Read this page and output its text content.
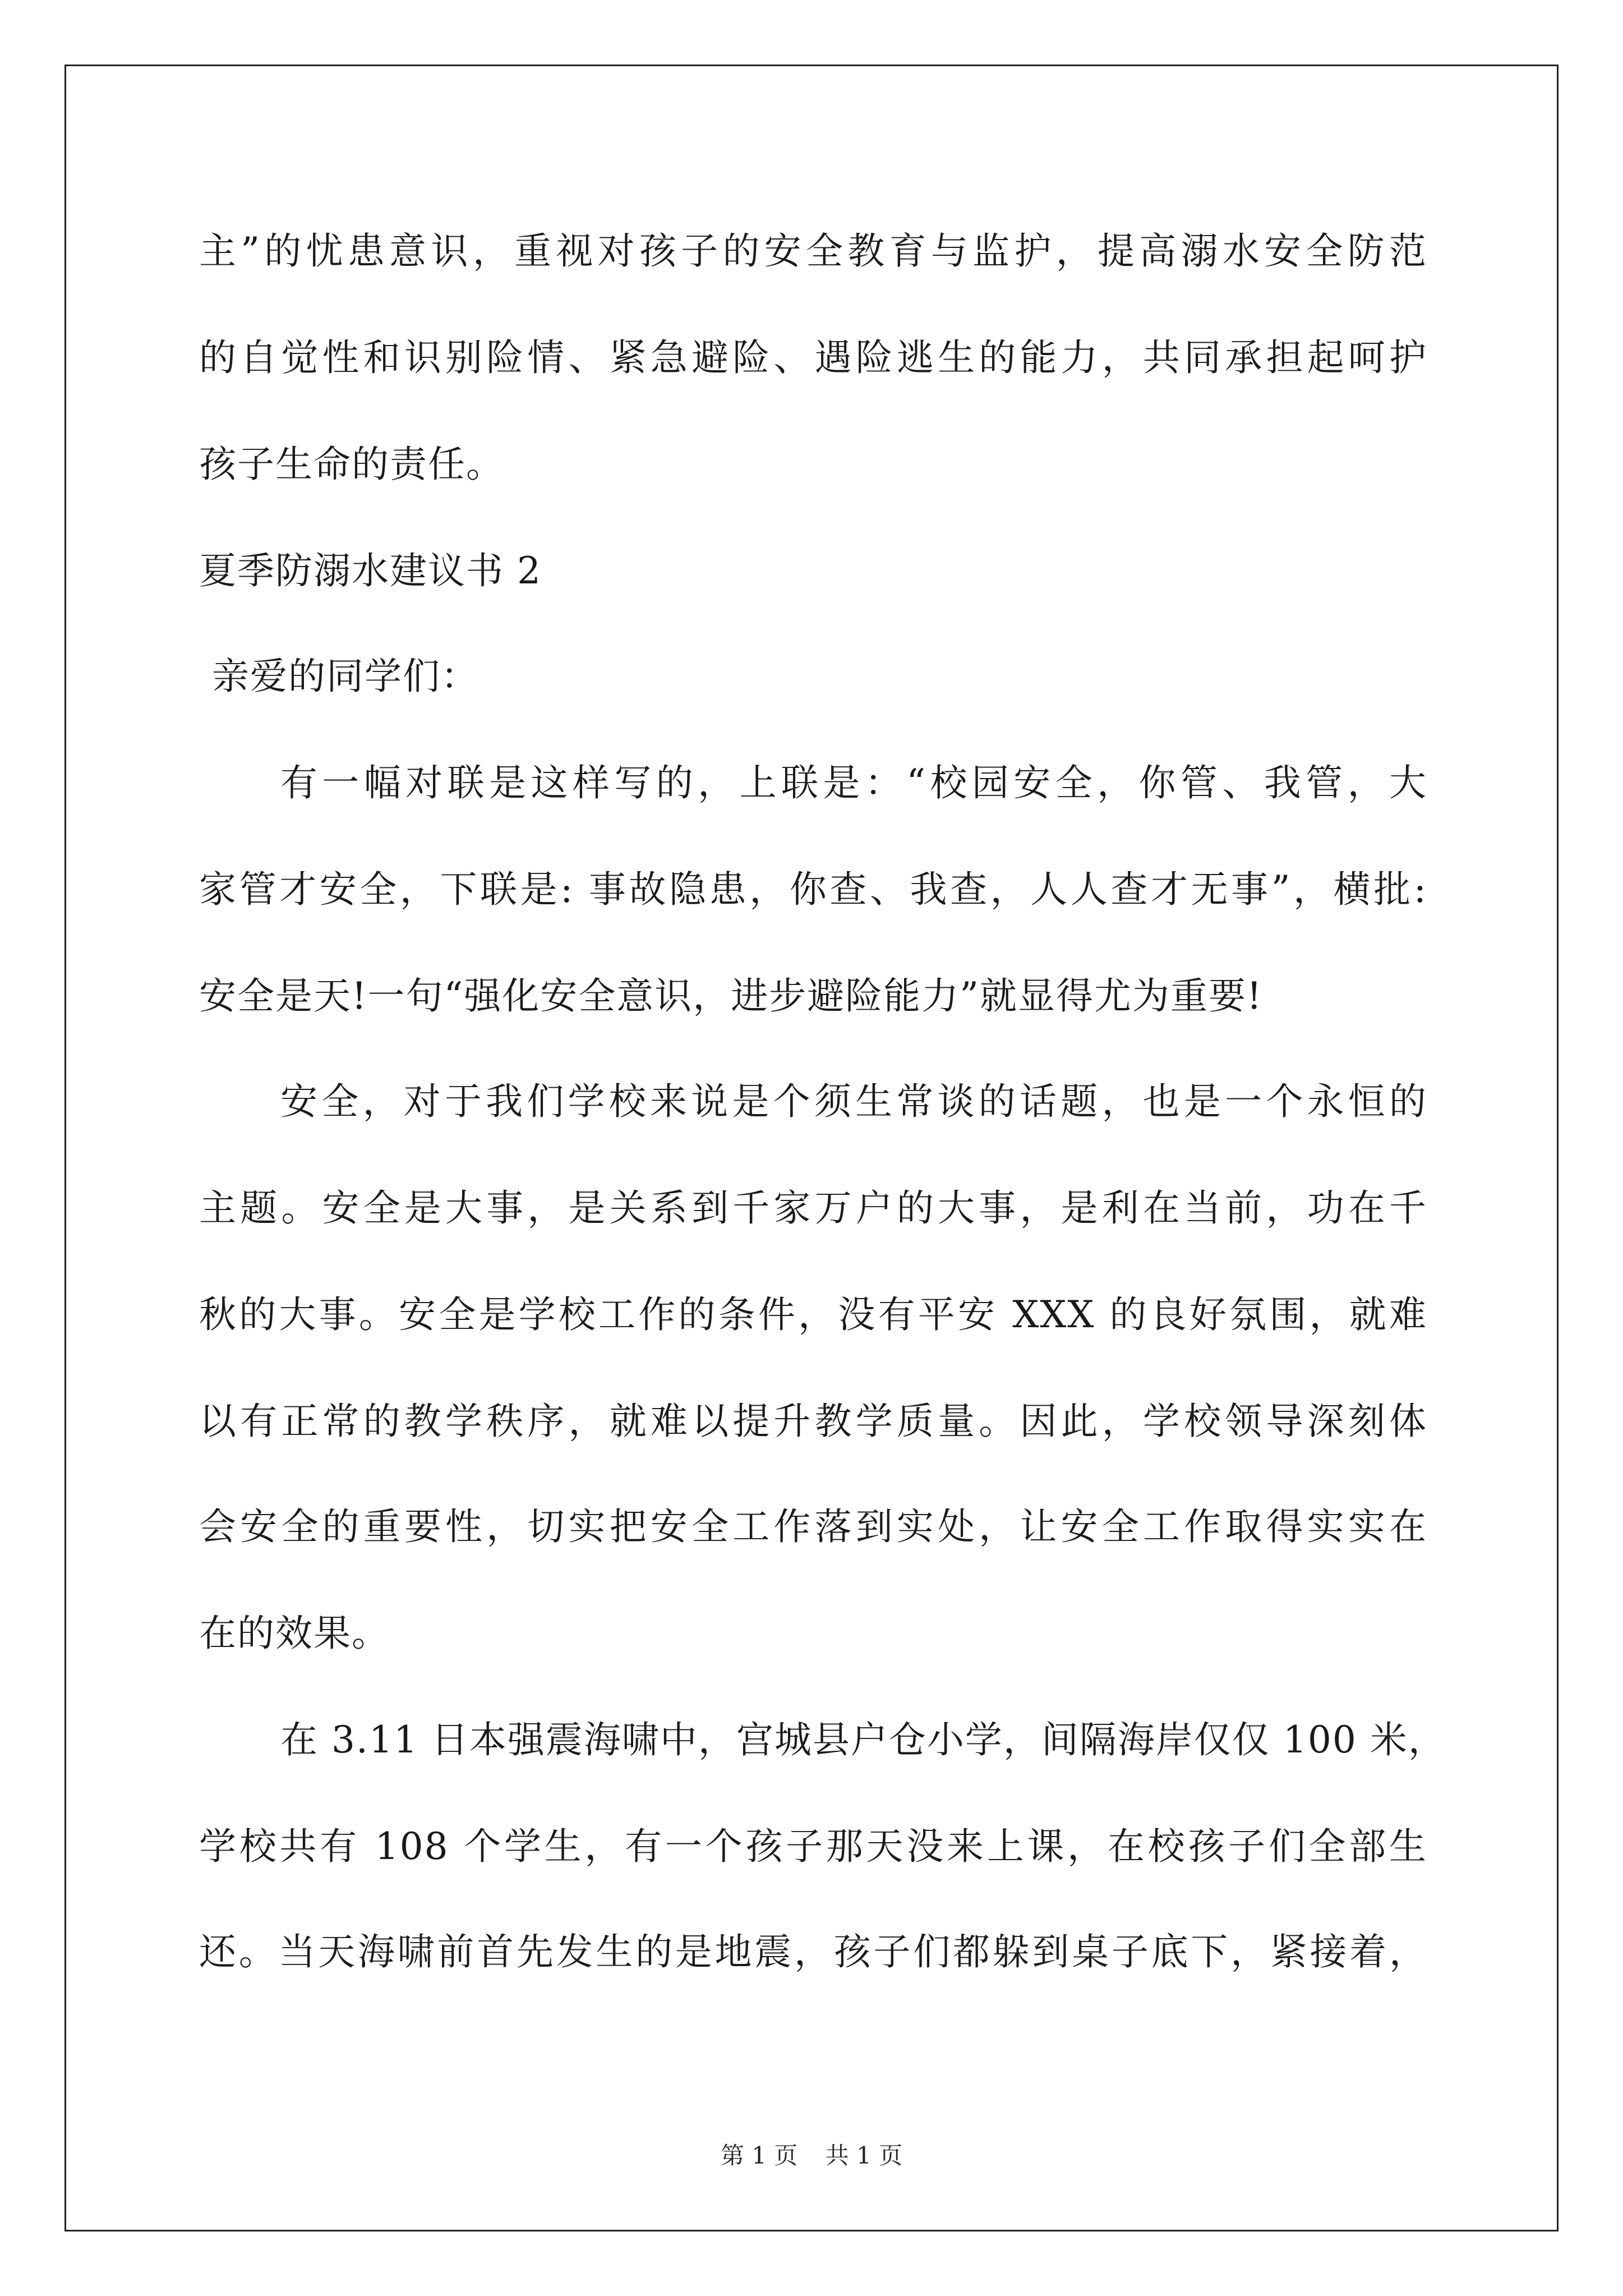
主”的忧患意识，重视对孩子的安全教育与监护，提高溺水安全防范
的自觉性和识别险情、紧急避险、遇险逃生的能力，共同承担起呵护
孩子生命的责任。
夏季防溺水建议书 2
亲爱的同学们：
有一幅对联是这样写的，上联是：“校园安全，你管、我管，大
家管才安全，下联是: 事故隐患，你查、我查，人人查才无事”，横批:
安全是天!一句“强化安全意识，进步避险能力”就显得尤为重要!
安全，对于我们学校来说是个须生常谈的话题，也是一个永恒的
主题。安全是大事，是关系到千家万户的大事，是利在当前，功在千
秋的大事。安全是学校工作的条件，没有平安 XXX 的良好氛围，就难
以有正常的教学秩序，就难以提升教学质量。因此，学校领导深刻体
会安全的重要性，切实把安全工作落到实处，让安全工作取得实实在
在的效果。
在 3.11 日本强震海啸中，宫城县户仓小学，间隔海岸仅仅 100 米，
学校共有 108 个学生，有一个孩子那天没来上课，在校孩子们全部生
还。当天海啸前首先发生的是地震，孩子们都躲到桌子底下，紧接着，
第 1 页 共 1 页
